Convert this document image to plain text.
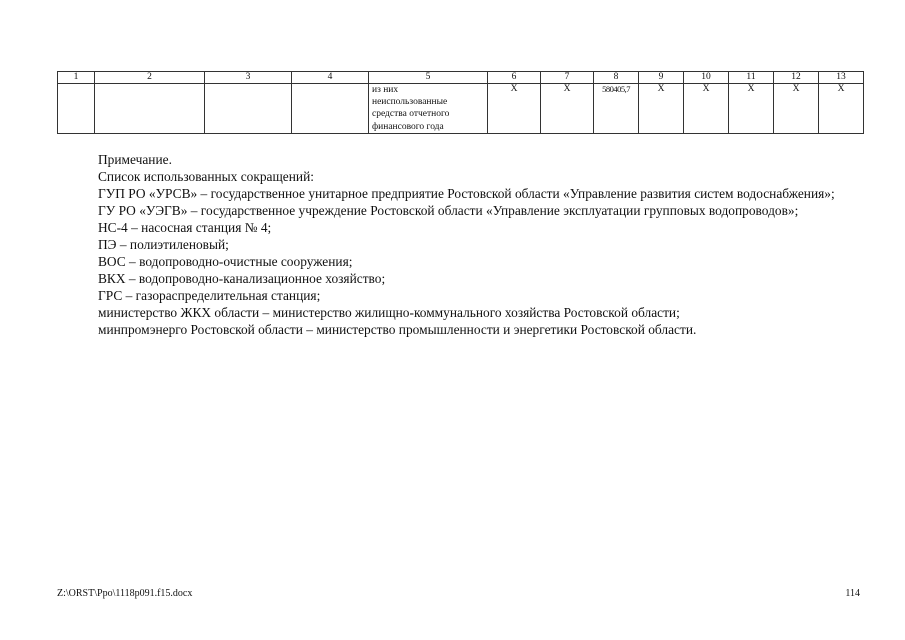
1	2	3	4	5	6	7	8	9	10	11	12	13

				из них
неиспользованные
средства отчетного
финансового года	Х	Х	580405,7	Х	Х	Х	Х	Х

Примечание.

Список использованных сокращений:

ГУП РО «УРСВ» – государственное унитарное предприятие Ростовской области «Управление развития систем водоснабжения»;

ГУ РО «УЭГВ» – государственное учреждение Ростовской области «Управление эксплуатации групповых водопроводов»;

НС-4 – насосная станция № 4;

ПЭ – полиэтиленовый;

ВОС – водопроводно-очистные сооружения;

ВКХ – водопроводно-канализационное хозяйство;

ГРС – газораспределительная станция;

министерство ЖКХ области – министерство жилищно-коммунального хозяйства Ростовской области;

минпромэнерго Ростовской области – министерство промышленности и энергетики Ростовской области.

Z:\ORST\Ppo\1118p091.f15.docx	114
